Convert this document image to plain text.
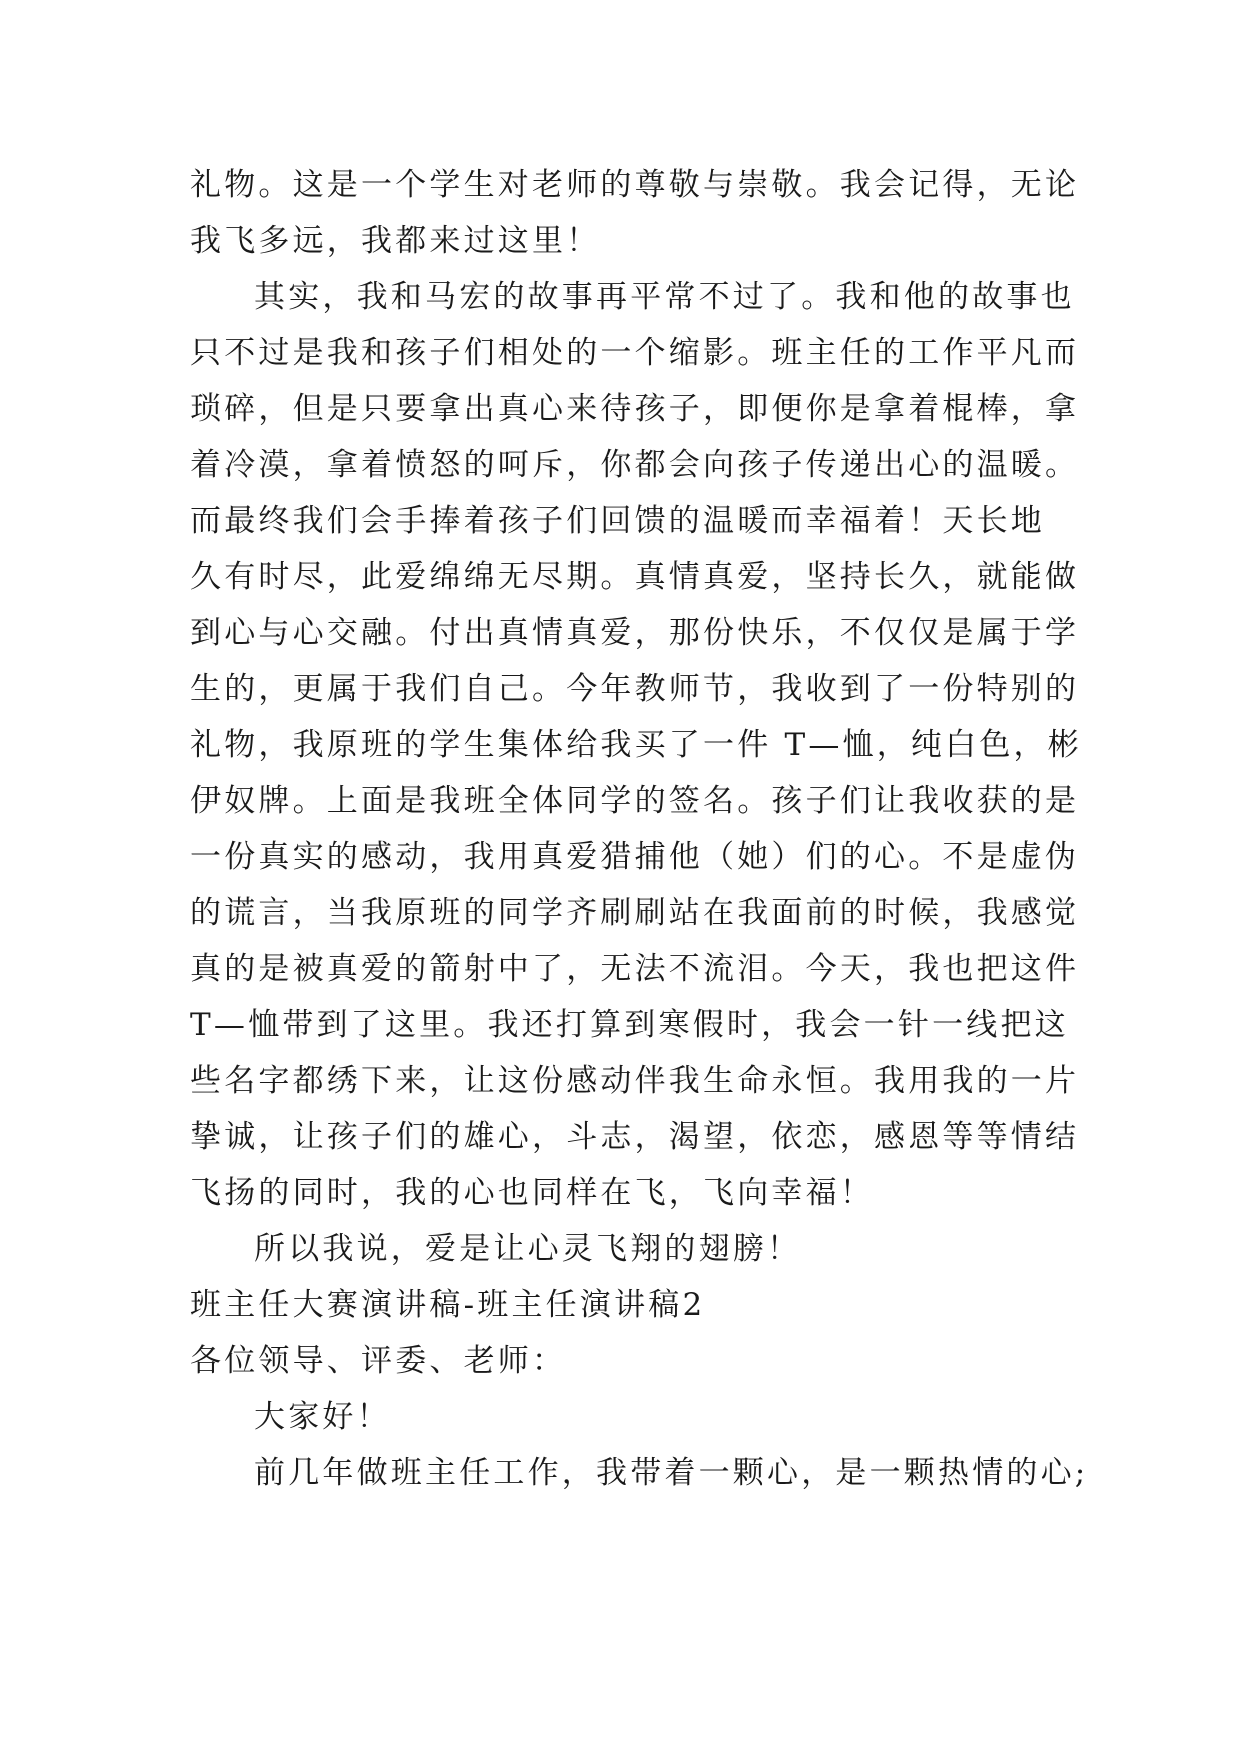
礼物。这是一个学生对老师的尊敬与崇敬。我会记得，无论
我飞多远，我都来过这里！
其实，我和马宏的故事再平常不过了。我和他的故事也
只不过是我和孩子们相处的一个缩影。班主任的工作平凡而
琐碎，但是只要拿出真心来待孩子，即便你是拿着棍棒，拿
着冷漠，拿着愤怒的呵斥，你都会向孩子传递出心的温暖。
而最终我们会手捧着孩子们回馈的温暖而幸福着！天长地
久有时尽，此爱绵绵无尽期。真情真爱，坚持长久，就能做
到心与心交融。付出真情真爱，那份快乐，不仅仅是属于学
生的，更属于我们自己。今年教师节，我收到了一份特别的
礼物，我原班的学生集体给我买了一件 T—恤，纯白色，彬
伊奴牌。上面是我班全体同学的签名。孩子们让我收获的是
一份真实的感动，我用真爱猎捕他（她）们的心。不是虚伪
的谎言，当我原班的同学齐刷刷站在我面前的时候，我感觉
真的是被真爱的箭射中了，无法不流泪。今天，我也把这件
T—恤带到了这里。我还打算到寒假时，我会一针一线把这
些名字都绣下来，让这份感动伴我生命永恒。我用我的一片
挚诚，让孩子们的雄心，斗志，渴望，依恋，感恩等等情结
飞扬的同时，我的心也同样在飞，飞向幸福！
所以我说，爱是让心灵飞翔的翅膀！
班主任大赛演讲稿-班主任演讲稿2
各位领导、评委、老师：
大家好！
前几年做班主任工作，我带着一颗心，是一颗热情的心;
